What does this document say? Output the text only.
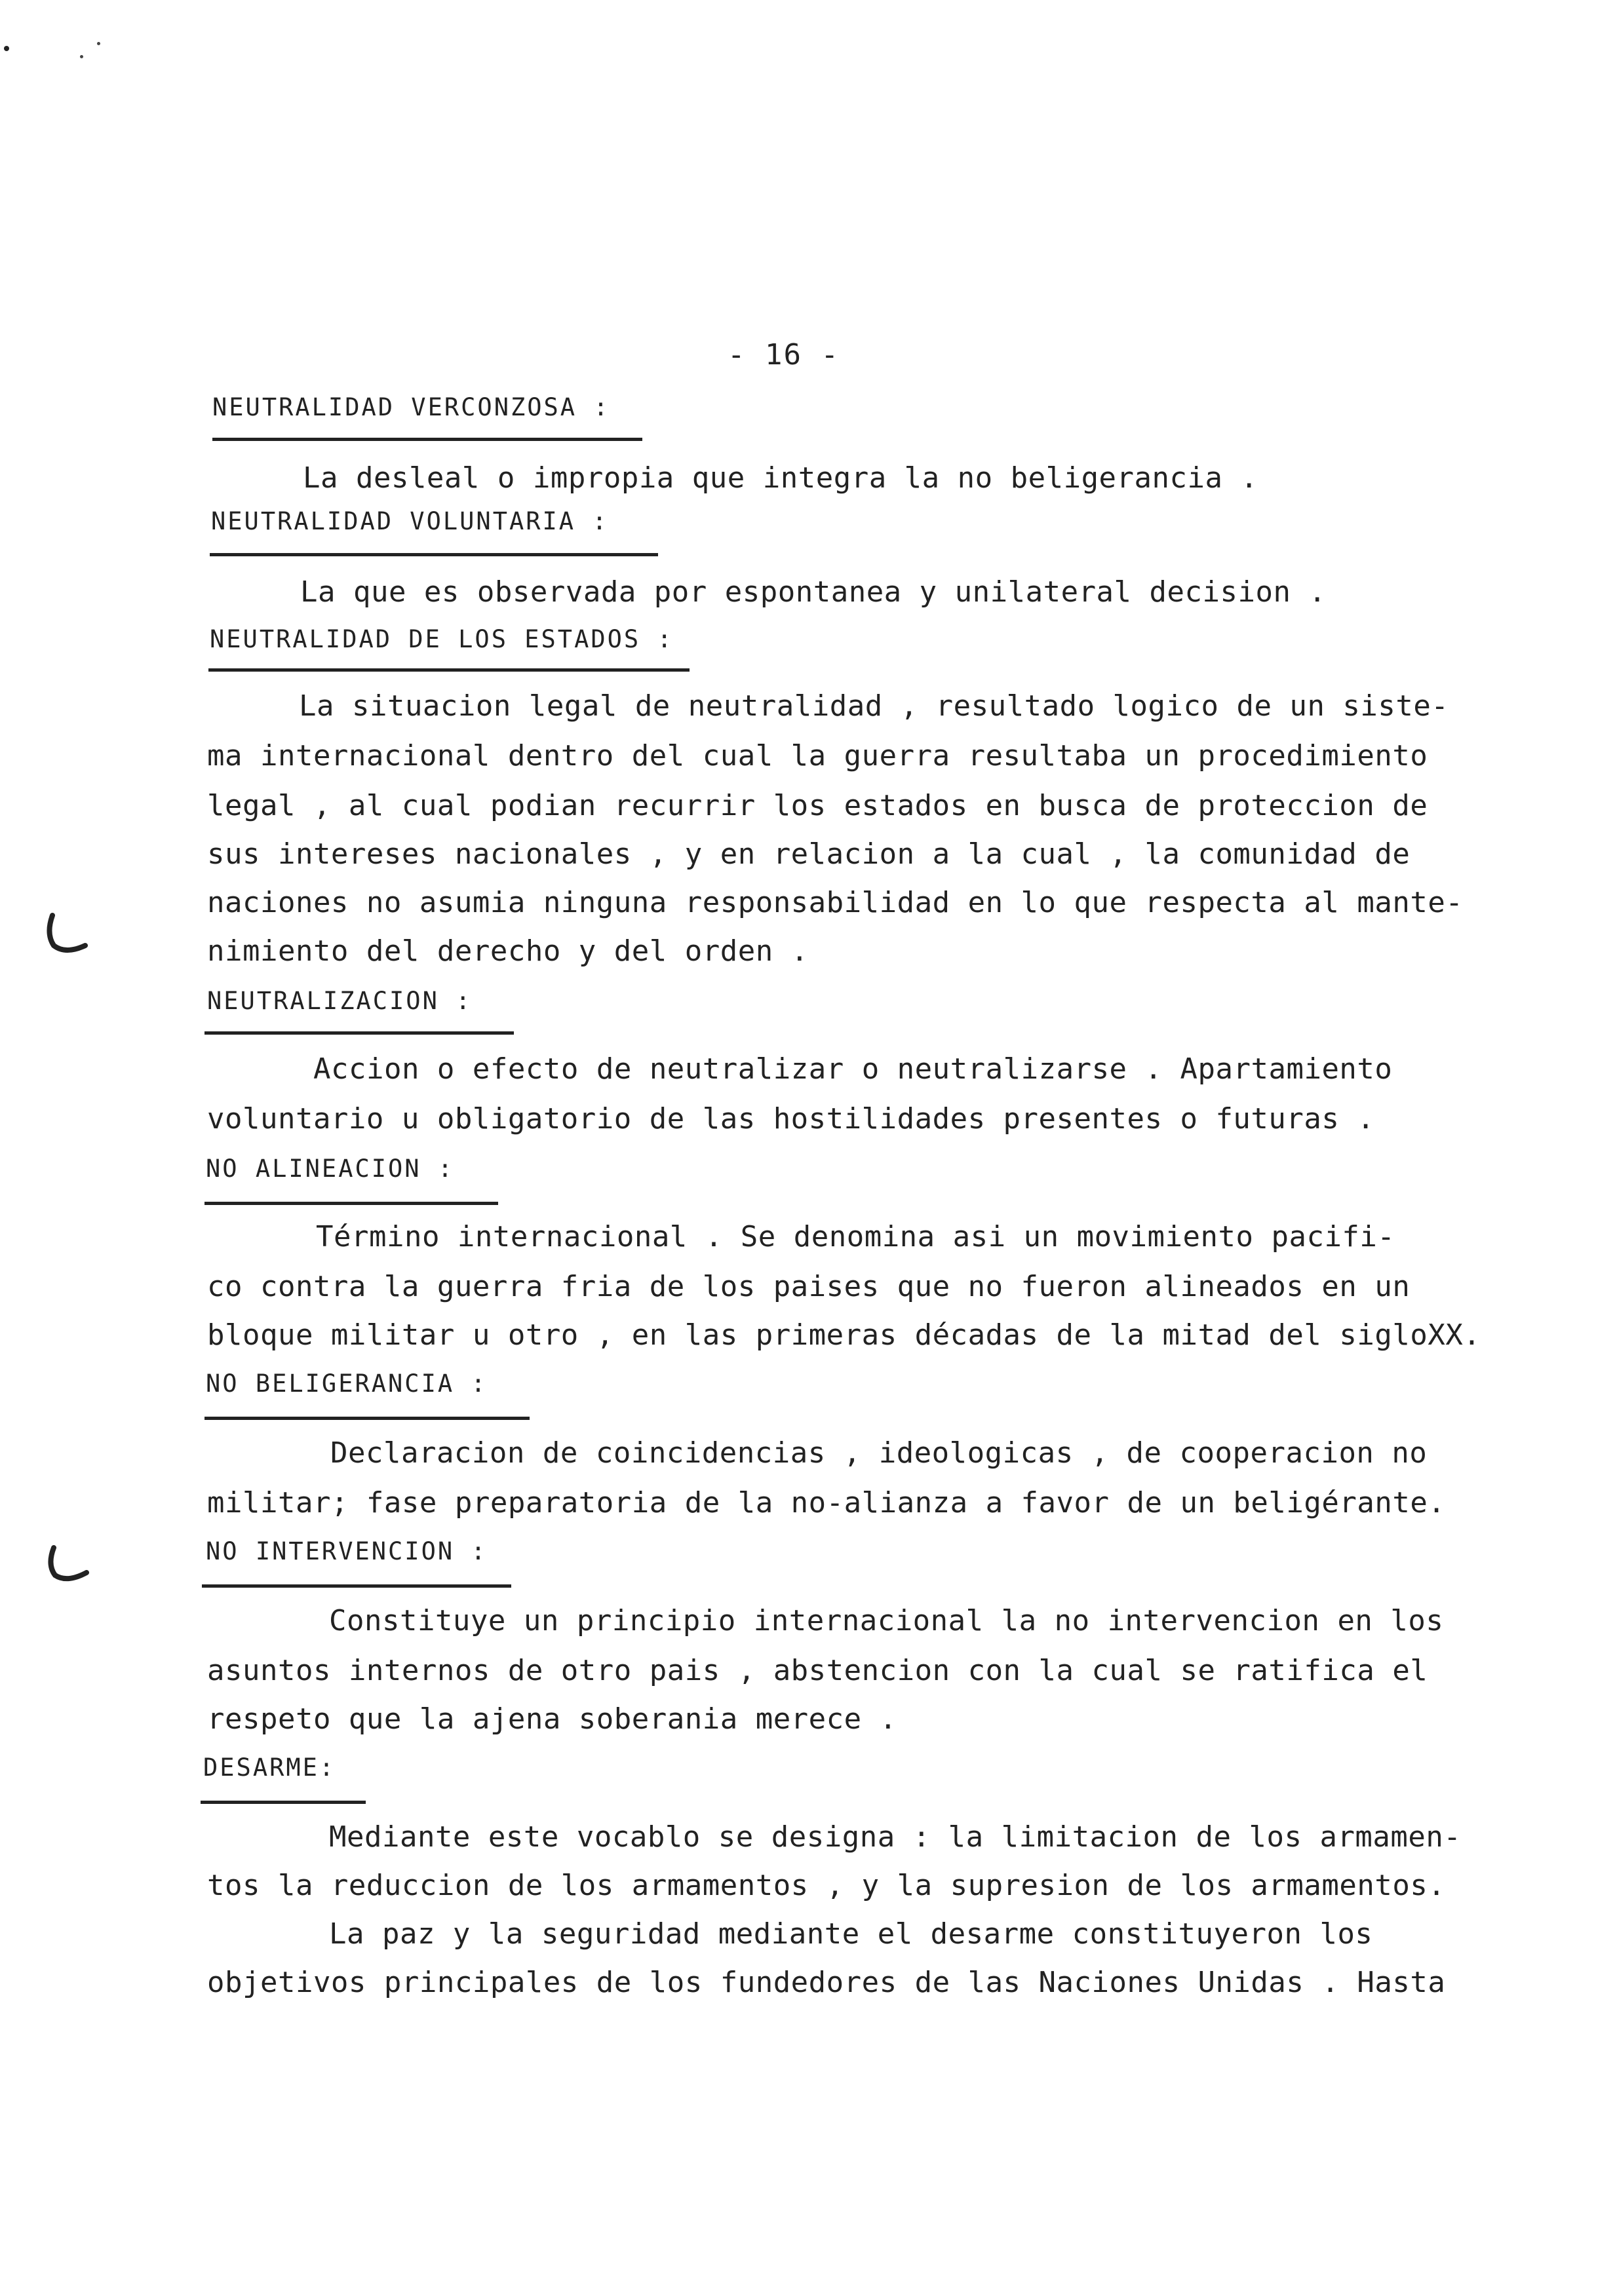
- 16 -
NEUTRALIDAD VERCONZOSA :
La desleal o impropia que integra la no beligerancia .
NEUTRALIDAD VOLUNTARIA :
La que es observada por espontanea y unilateral decision .
NEUTRALIDAD DE LOS ESTADOS :
La situacion legal de neutralidad , resultado logico de un siste-
ma internacional dentro del cual la guerra resultaba un procedimiento
legal , al cual podian recurrir los estados en busca de proteccion de
sus intereses nacionales , y en relacion a la cual , la comunidad de
naciones no asumia ninguna responsabilidad en lo que respecta al mante-
nimiento del derecho y del orden .
NEUTRALIZACION :
Accion o efecto de neutralizar o neutralizarse . Apartamiento
voluntario u obligatorio de las hostilidades presentes o futuras .
NO ALINEACION :
Término internacional . Se denomina asi un movimiento pacifi-
co contra la guerra fria de los paises que no fueron alineados en un
bloque militar u otro , en las primeras décadas de la mitad del sigloXX.
NO BELIGERANCIA :
Declaracion de coincidencias , ideologicas , de cooperacion no
militar; fase preparatoria de la no-alianza a favor de un beligérante.
NO INTERVENCION :
Constituye un principio internacional la no intervencion en los
asuntos internos de otro pais , abstencion con la cual se ratifica el
respeto que la ajena soberania merece .
DESARME:
Mediante este vocablo se designa : la limitacion de los armamen-
tos la reduccion de los armamentos , y la supresion de los armamentos.
La paz y la seguridad mediante el desarme constituyeron los
objetivos principales de los fundedores de las Naciones Unidas . Hasta
